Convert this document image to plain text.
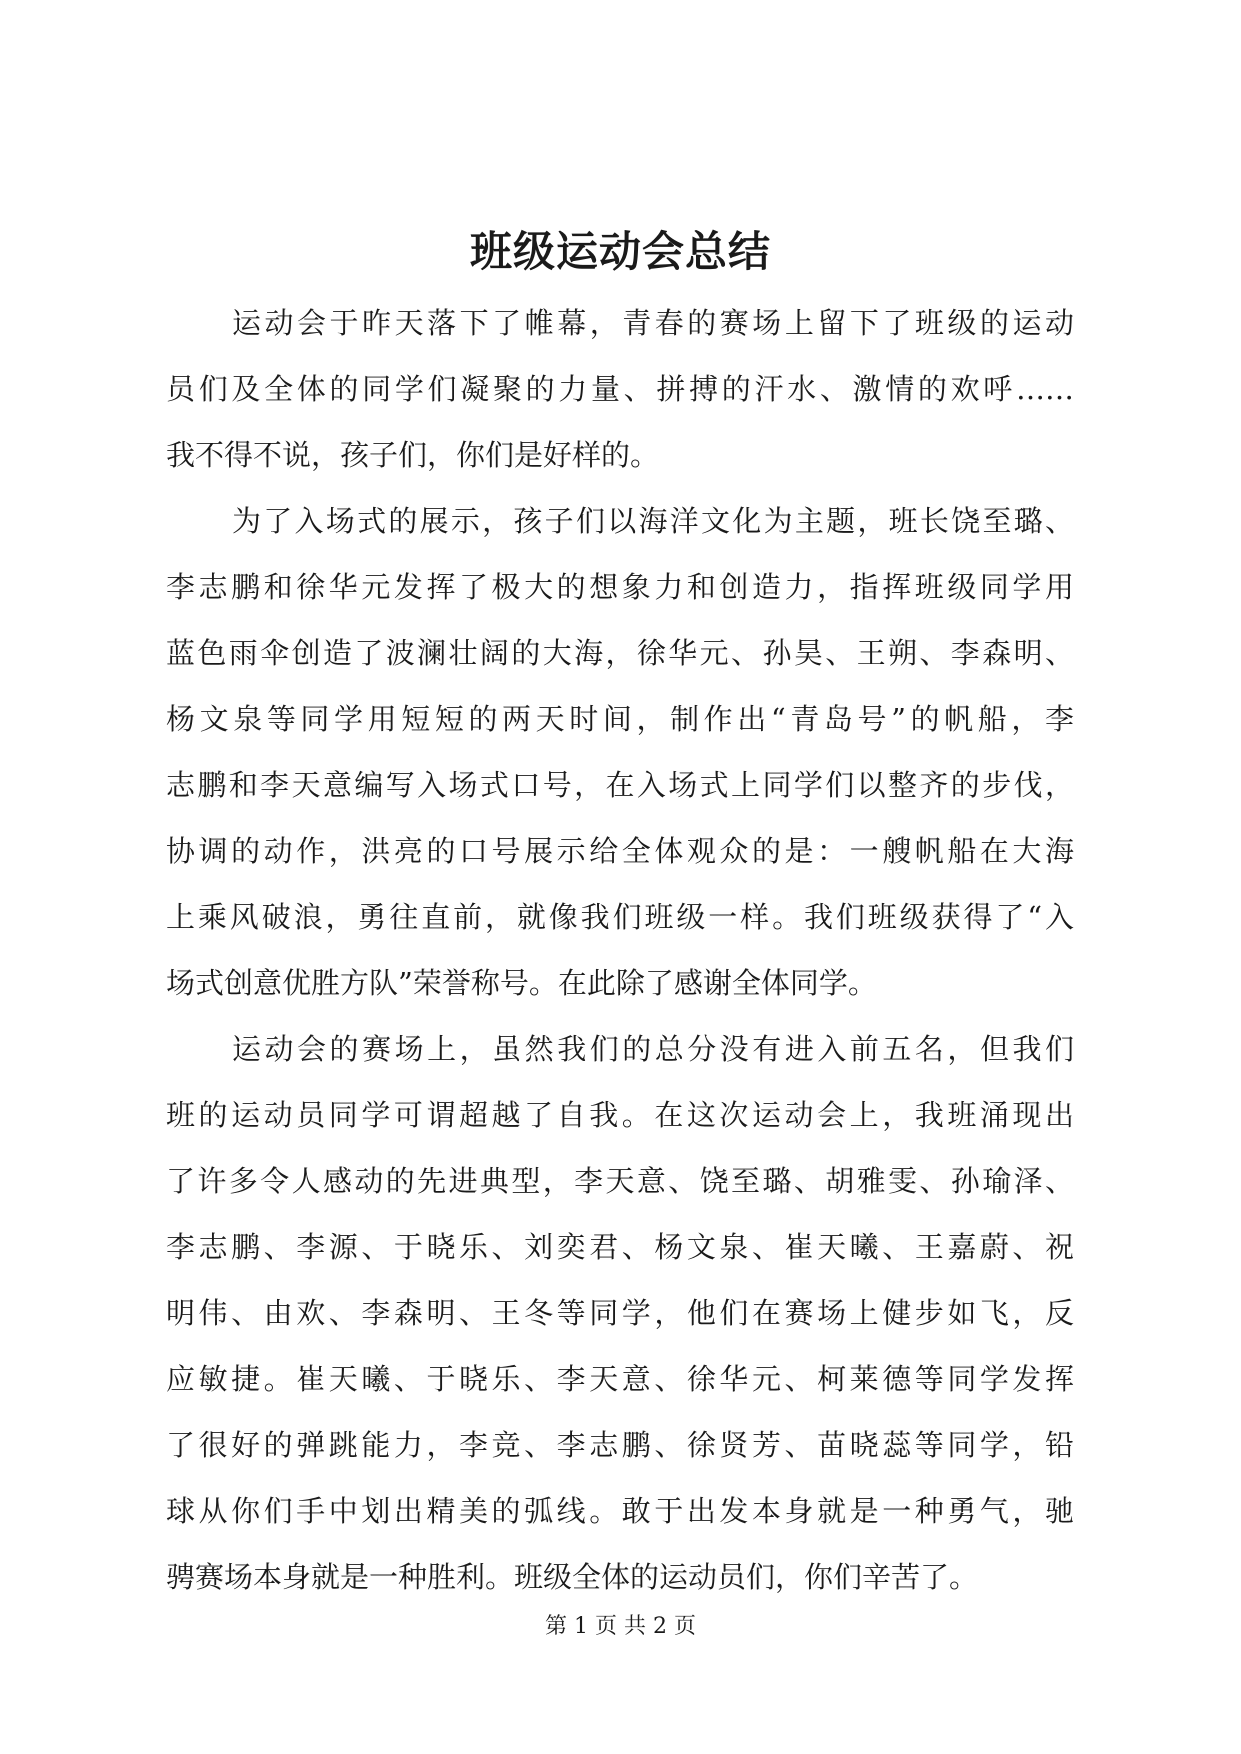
班级运动会总结
运动会于昨天落下了帷幕，青春的赛场上留下了班级的运动
员们及全体的同学们凝聚的力量、拼搏的汗水、激情的欢呼……
我不得不说，孩子们，你们是好样的。
为了入场式的展示，孩子们以海洋文化为主题，班长饶至璐、
李志鹏和徐华元发挥了极大的想象力和创造力，指挥班级同学用
蓝色雨伞创造了波澜壮阔的大海，徐华元、孙昊、王朔、李森明、
杨文泉等同学用短短的两天时间，制作出“青岛号”的帆船，李
志鹏和李天意编写入场式口号，在入场式上同学们以整齐的步伐，
协调的动作，洪亮的口号展示给全体观众的是：一艘帆船在大海
上乘风破浪，勇往直前，就像我们班级一样。我们班级获得了“入
场式创意优胜方队”荣誉称号。在此除了感谢全体同学。
运动会的赛场上，虽然我们的总分没有进入前五名，但我们
班的运动员同学可谓超越了自我。在这次运动会上，我班涌现出
了许多令人感动的先进典型，李天意、饶至璐、胡雅雯、孙瑜泽、
李志鹏、李源、于晓乐、刘奕君、杨文泉、崔天曦、王嘉蔚、祝
明伟、由欢、李森明、王冬等同学，他们在赛场上健步如飞，反
应敏捷。崔天曦、于晓乐、李天意、徐华元、柯莱德等同学发挥
了很好的弹跳能力，李竞、李志鹏、徐贤芳、苗晓蕊等同学，铅
球从你们手中划出精美的弧线。敢于出发本身就是一种勇气，驰
骋赛场本身就是一种胜利。班级全体的运动员们，你们辛苦了。
第 1 页 共 2 页
